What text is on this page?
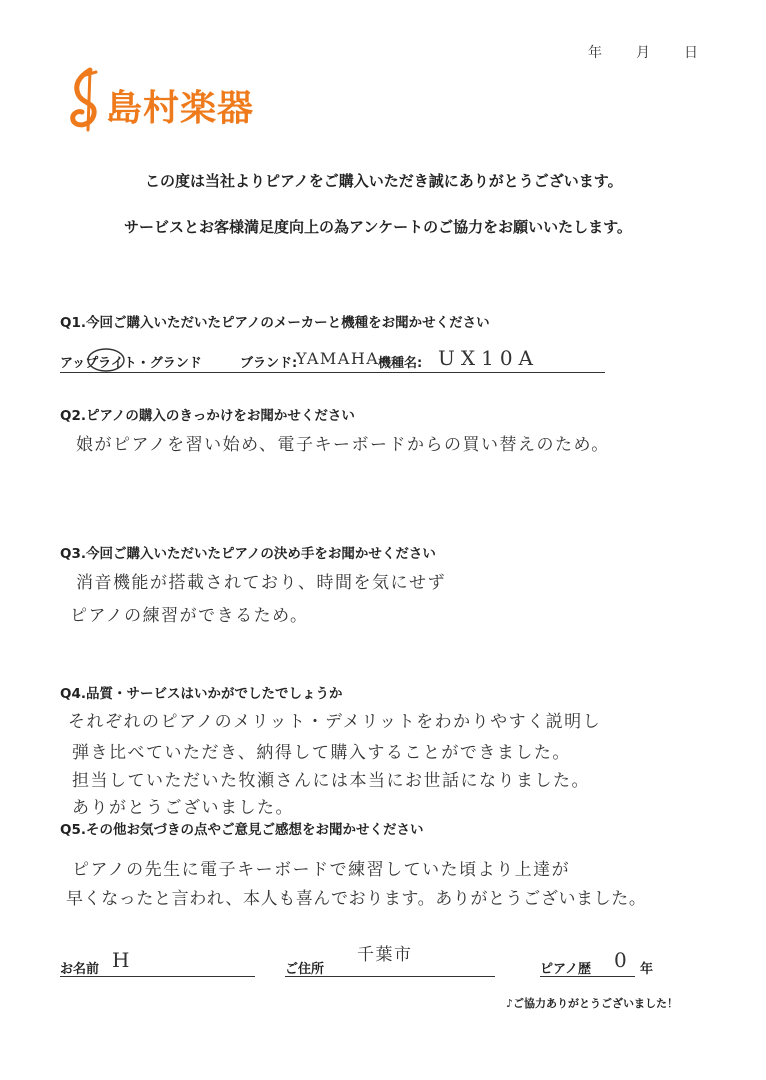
年 月 日
島村楽器
この度は当社よりピアノをご購入いただき誠にありがとうございます。
サービスとお客様満足度向上の為アンケートのご協力をお願いいたします。
Q1.今回ご購入いただいたピアノのメーカーと機種をお聞かせください
アップライト・グランド	ブランド:
YAMAHA
機種名: UX10A
Q2.ピアノの購入のきっかけをお聞かせください
娘がピアノを習い始め、電子キーボードからの買い替えのため。
Q3.今回ご購入いただいたピアノの決め手をお聞かせください
消音機能が搭載されており、時間を気にせず
ピアノの練習ができるため。
Q4.品質・サービスはいかがでしたでしょうか
それぞれのピアノのメリット・デメリットをわかりやすく説明し
弾き比べていただき、納得して購入することができました。
担当していただいた牧瀬さんには本当にお世話になりました。
ありがとうございました。
Q5.その他お気づきの点やご意見ご感想をお聞かせください
ピアノの先生に電子キーボードで練習していた頃より上達が
早くなったと言われ、本人も喜んでおります。ありがとうございました。
お名前 H	ご住所
千葉市
ピアノ歴 0 年
♪ご協力ありがとうございました！
